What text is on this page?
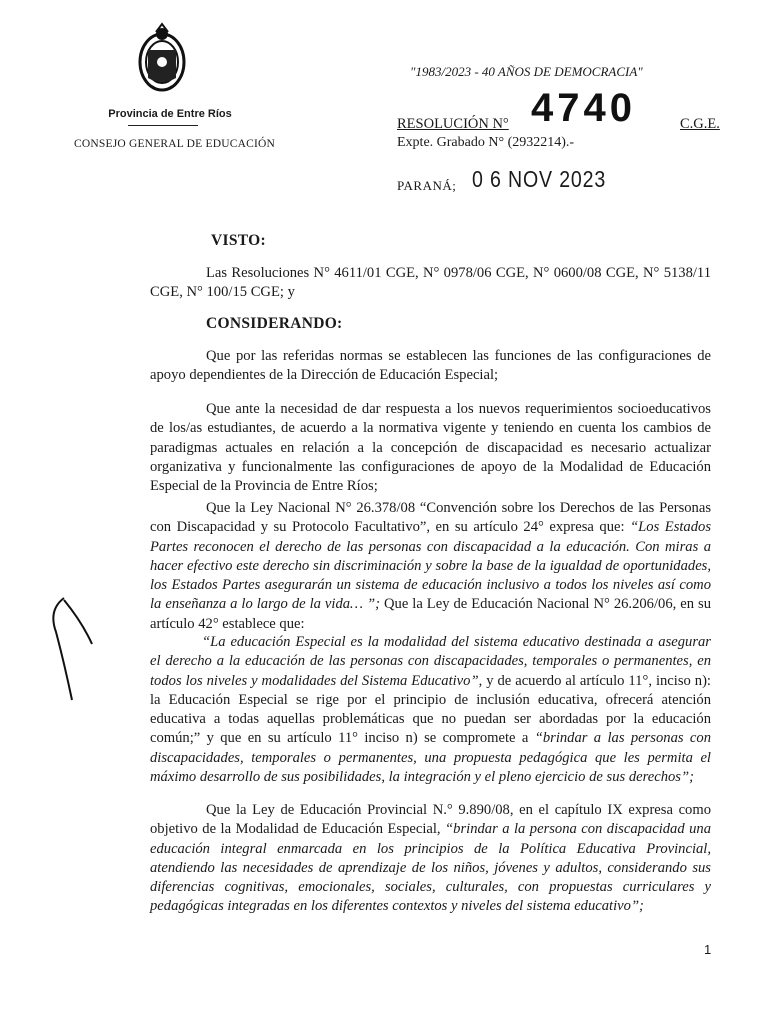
Provincia de Entre Ríos
CONSEJO GENERAL DE EDUCACIÓN
"1983/2023 - 40 AÑOS DE DEMOCRACIA"
RESOLUCIÓN N° 4740	C.G.E.
Expte. Grabado N° (2932214).-
PARANÁ; 0 6 NOV 2023
VISTO:
Las Resoluciones N° 4611/01 CGE, N° 0978/06 CGE, N° 0600/08 CGE, N° 5138/11 CGE, N° 100/15 CGE; y
CONSIDERANDO:
Que por las referidas normas se establecen las funciones de las configuraciones de apoyo dependientes de la Dirección de Educación Especial;
Que ante la necesidad de dar respuesta a los nuevos requerimientos socioeducativos de los/as estudiantes, de acuerdo a la normativa vigente y teniendo en cuenta los cambios de paradigmas actuales en relación a la concepción de discapacidad es necesario actualizar organizativa y funcionalmente las configuraciones de apoyo de la Modalidad de Educación Especial de la Provincia de Entre Ríos;
Que la Ley Nacional N° 26.378/08 “Convención sobre los Derechos de las Personas con Discapacidad y su Protocolo Facultativo”, en su artículo 24° expresa que: “Los Estados Partes reconocen el derecho de las personas con discapacidad a la educación. Con miras a hacer efectivo este derecho sin discriminación y sobre la base de la igualdad de oportunidades, los Estados Partes asegurarán un sistema de educación inclusivo a todos los niveles así como la enseñanza a lo largo de la vida… ”; Que la Ley de Educación Nacional N° 26.206/06, en su artículo 42° establece que:
“La educación Especial es la modalidad del sistema educativo destinada a asegurar el derecho a la educación de las personas con discapacidades, temporales o permanentes, en todos los niveles y modalidades del Sistema Educativo”, y de acuerdo al artículo 11°, inciso n): la Educación Especial se rige por el principio de inclusión educativa, ofrecerá atención educativa a todas aquellas problemáticas que no puedan ser abordadas por la educación común;” y que en su artículo 11° inciso n) se compromete a “brindar a las personas con discapacidades, temporales o permanentes, una propuesta pedagógica que les permita el máximo desarrollo de sus posibilidades, la integración y el pleno ejercicio de sus derechos”;
Que la Ley de Educación Provincial N.° 9.890/08, en el capítulo IX expresa como objetivo de la Modalidad de Educación Especial, “brindar a la persona con discapacidad una educación integral enmarcada en los principios de la Política Educativa Provincial, atendiendo las necesidades de aprendizaje de los niños, jóvenes y adultos, considerando sus diferencias cognitivas, emocionales, sociales, culturales, con propuestas curriculares y pedagógicas integradas en los diferentes contextos y niveles del sistema educativo”;
1
